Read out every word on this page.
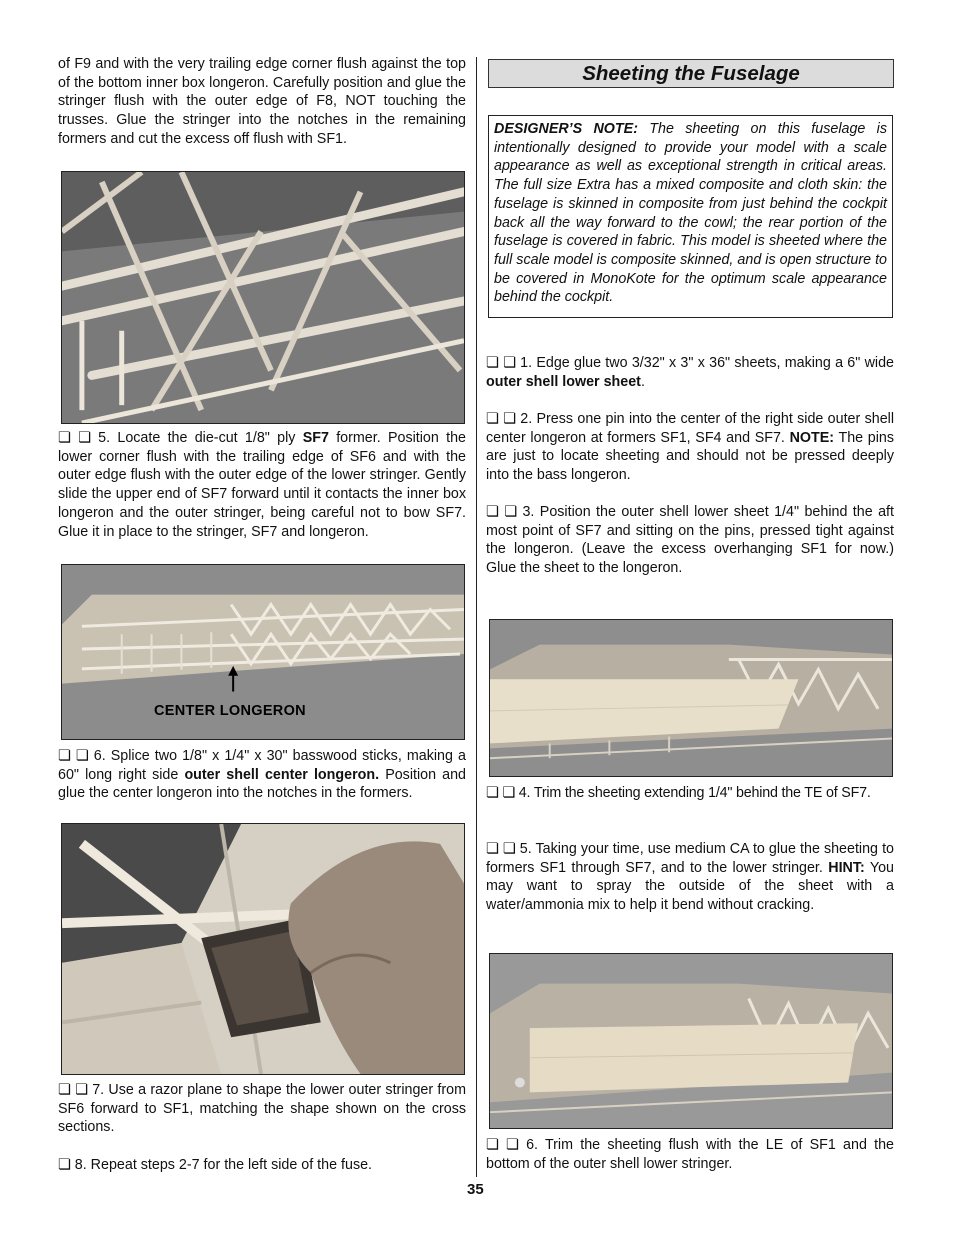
of F9 and with the very trailing edge corner flush against the top of the bottom inner box longeron. Carefully position and glue the stringer flush with the outer edge of F8, NOT touching the trusses. Glue the stringer into the notches in the remaining formers and cut the excess off flush with SF1.

❏ ❏ 5. Locate the die-cut 1/8" ply SF7 former. Position the lower corner flush with the trailing edge of SF6 and with the outer edge flush with the outer edge of the lower stringer. Gently slide the upper end of SF7 forward until it contacts the inner box longeron and the outer stringer, being careful not to bow SF7. Glue it in place to the stringer, SF7 and longeron.

CENTER LONGERON

❏ ❏ 6. Splice two 1/8" x 1/4" x 30" basswood sticks, making a 60" long right side outer shell center longeron. Position and glue the center longeron into the notches in the formers.

❏ ❏ 7. Use a razor plane to shape the lower outer stringer from SF6 forward to SF1, matching the shape shown on the cross sections.

❏ 8. Repeat steps 2-7 for the left side of the fuse.

Sheeting the Fuselage

DESIGNER’S NOTE: The sheeting on this fuselage is intentionally designed to provide your model with a scale appearance as well as exceptional strength in critical areas. The full size Extra has a mixed composite and cloth skin: the fuselage is skinned in composite from just behind the cockpit back all the way forward to the cowl; the rear portion of the fuselage is covered in fabric. This model is sheeted where the full scale model is composite skinned, and is open structure to be covered in MonoKote for the optimum scale appearance behind the cockpit.

❏ ❏ 1. Edge glue two 3/32" x 3" x 36" sheets, making a 6" wide outer shell lower sheet.

❏ ❏ 2. Press one pin into the center of the right side outer shell center longeron at formers SF1, SF4 and SF7. NOTE: The pins are just to locate sheeting and should not be pressed deeply into the bass longeron.

❏ ❏ 3. Position the outer shell lower sheet 1/4" behind the aft most point of SF7 and sitting on the pins, pressed tight against the longeron. (Leave the excess overhanging SF1 for now.) Glue the sheet to the longeron.

❏ ❏ 4. Trim the sheeting extending 1/4" behind the TE of SF7.

❏ ❏ 5. Taking your time, use medium CA to glue the sheeting to formers SF1 through SF7, and to the lower stringer. HINT: You may want to spray the outside of the sheet with a water/ammonia mix to help it bend without cracking.

❏ ❏ 6. Trim the sheeting flush with the LE of SF1 and the bottom of the outer shell lower stringer.

35
